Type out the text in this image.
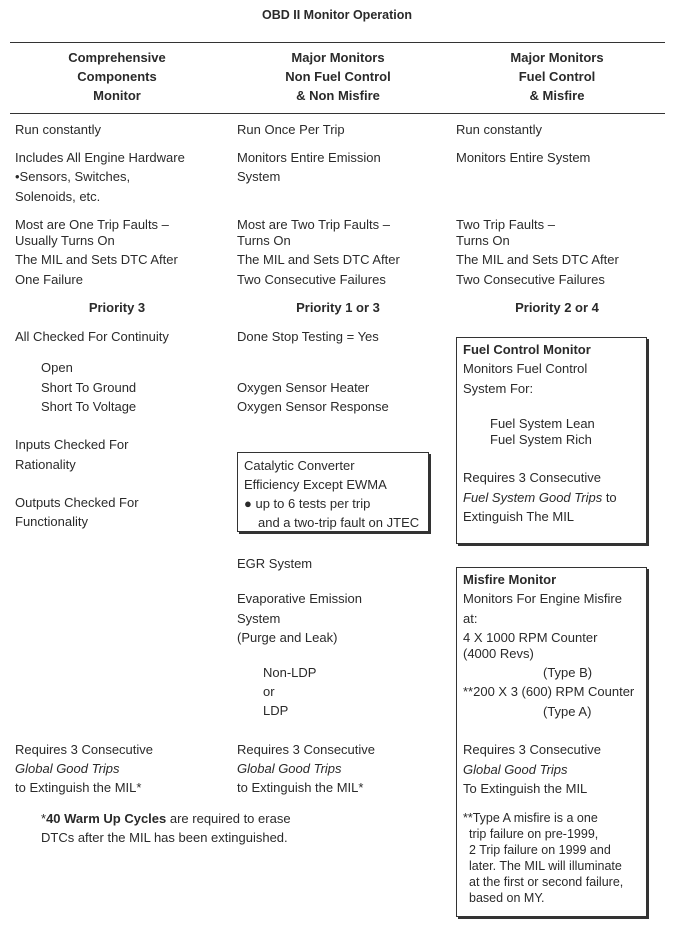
OBD II Monitor Operation
Comprehensive
Components
Monitor
Major Monitors
Non Fuel Control
& Non Misfire
Major Monitors
Fuel Control
& Misfire
Run constantly
Includes All Engine Hardware
•Sensors, Switches,
Solenoids, etc.
Most are One Trip Faults –
Usually Turns On
The MIL and Sets DTC After
One Failure
Priority 3
All Checked For Continuity
Open
Short To Ground
Short To Voltage
Inputs Checked For
Rationality
Outputs Checked For
Functionality
Requires 3 Consecutive
Global Good Trips
to Extinguish the MIL*
*40 Warm Up Cycles are required to erase
DTCs after the MIL has been extinguished.
Run Once Per Trip
Monitors Entire Emission
System
Most are Two Trip Faults –
Turns On
The MIL and Sets DTC After
Two Consecutive Failures
Priority 1 or 3
Done Stop Testing = Yes
Oxygen Sensor Heater
Oxygen Sensor Response
Catalytic Converter
Efficiency Except EWMA
● up to 6 tests per trip
and a two-trip fault on JTEC
EGR System
Evaporative Emission
System
(Purge and Leak)
Non-LDP
or
LDP
Requires 3 Consecutive
Global Good Trips
to Extinguish the MIL*
Run constantly
Monitors Entire System
Two Trip Faults –
Turns On
The MIL and Sets DTC After
Two Consecutive Failures
Priority 2 or 4
Fuel Control Monitor
Monitors Fuel Control
System For:
Fuel System Lean
Fuel System Rich
Requires 3 Consecutive
Fuel System Good Trips to
Extinguish The MIL
Misfire Monitor
Monitors For Engine Misfire
at:
4 X 1000 RPM Counter
(4000 Revs)
(Type B)
**200 X 3 (600) RPM Counter
(Type A)
Requires 3 Consecutive
Global Good Trips
To Extinguish the MIL
**Type A misfire is a one
trip failure on pre-1999,
2 Trip failure on 1999 and
later. The MIL will illuminate
at the first or second failure,
based on MY.
